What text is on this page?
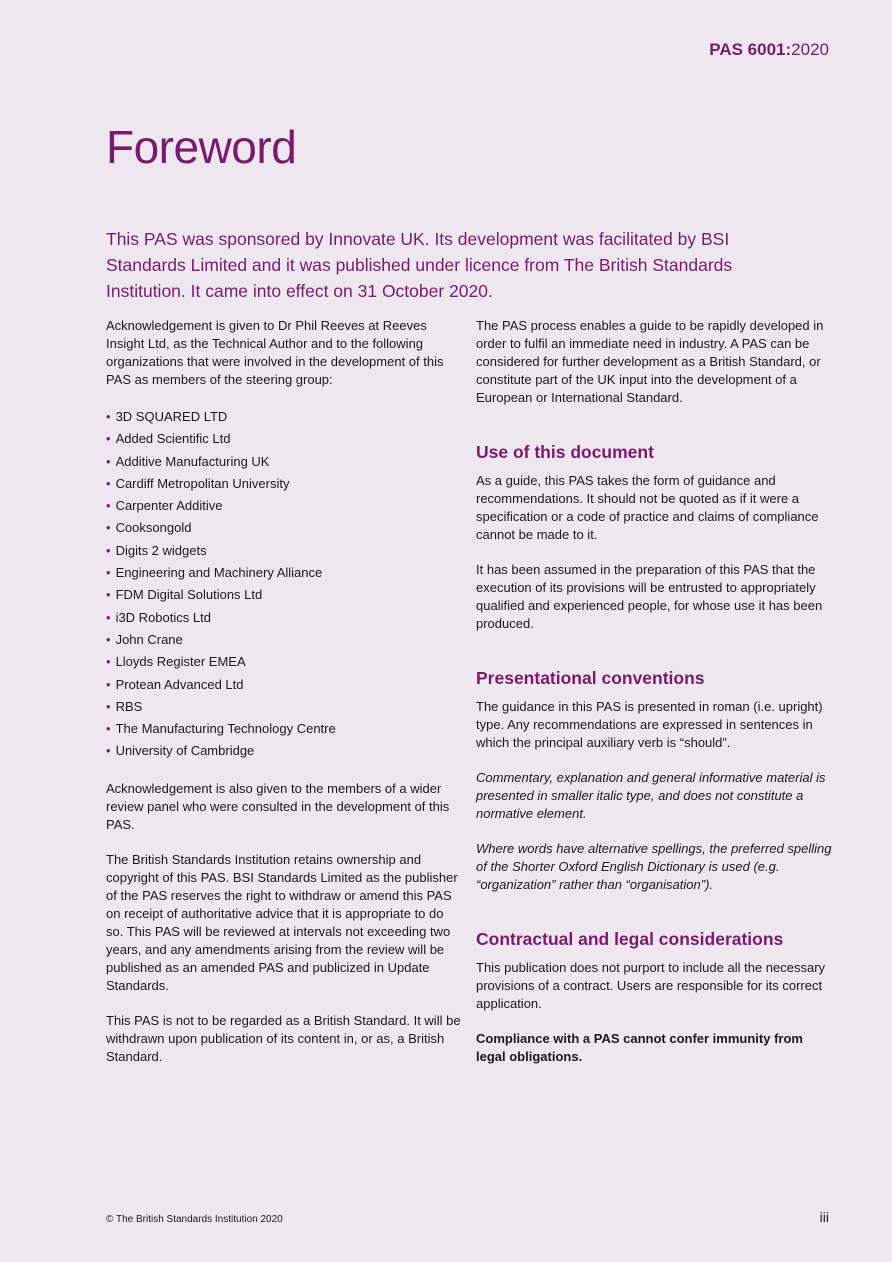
PAS 6001:2020
Foreword

This PAS was sponsored by Innovate UK. Its development was facilitated by BSI Standards Limited and it was published under licence from The British Standards Institution. It came into effect on 31 October 2020.

Acknowledgement is given to Dr Phil Reeves at Reeves Insight Ltd, as the Technical Author and to the following organizations that were involved in the development of this PAS as members of the steering group:

• 3D SQUARED LTD
• Added Scientific Ltd
• Additive Manufacturing UK
• Cardiff Metropolitan University
• Carpenter Additive
• Cooksongold
• Digits 2 widgets
• Engineering and Machinery Alliance
• FDM Digital Solutions Ltd
• i3D Robotics Ltd
• John Crane
• Lloyds Register EMEA
• Protean Advanced Ltd
• RBS
• The Manufacturing Technology Centre
• University of Cambridge

Acknowledgement is also given to the members of a wider review panel who were consulted in the development of this PAS.

The British Standards Institution retains ownership and copyright of this PAS. BSI Standards Limited as the publisher of the PAS reserves the right to withdraw or amend this PAS on receipt of authoritative advice that it is appropriate to do so. This PAS will be reviewed at intervals not exceeding two years, and any amendments arising from the review will be published as an amended PAS and publicized in Update Standards.

This PAS is not to be regarded as a British Standard. It will be withdrawn upon publication of its content in, or as, a British Standard.

The PAS process enables a guide to be rapidly developed in order to fulfil an immediate need in industry. A PAS can be considered for further development as a British Standard, or constitute part of the UK input into the development of a European or International Standard.

Use of this document

As a guide, this PAS takes the form of guidance and recommendations. It should not be quoted as if it were a specification or a code of practice and claims of compliance cannot be made to it.

It has been assumed in the preparation of this PAS that the execution of its provisions will be entrusted to appropriately qualified and experienced people, for whose use it has been produced.

Presentational conventions

The guidance in this PAS is presented in roman (i.e. upright) type. Any recommendations are expressed in sentences in which the principal auxiliary verb is “should”.

Commentary, explanation and general informative material is presented in smaller italic type, and does not constitute a normative element.

Where words have alternative spellings, the preferred spelling of the Shorter Oxford English Dictionary is used (e.g. “organization” rather than “organisation”).

Contractual and legal considerations

This publication does not purport to include all the necessary provisions of a contract. Users are responsible for its correct application.

Compliance with a PAS cannot confer immunity from legal obligations.

© The British Standards Institution 2020	iii
